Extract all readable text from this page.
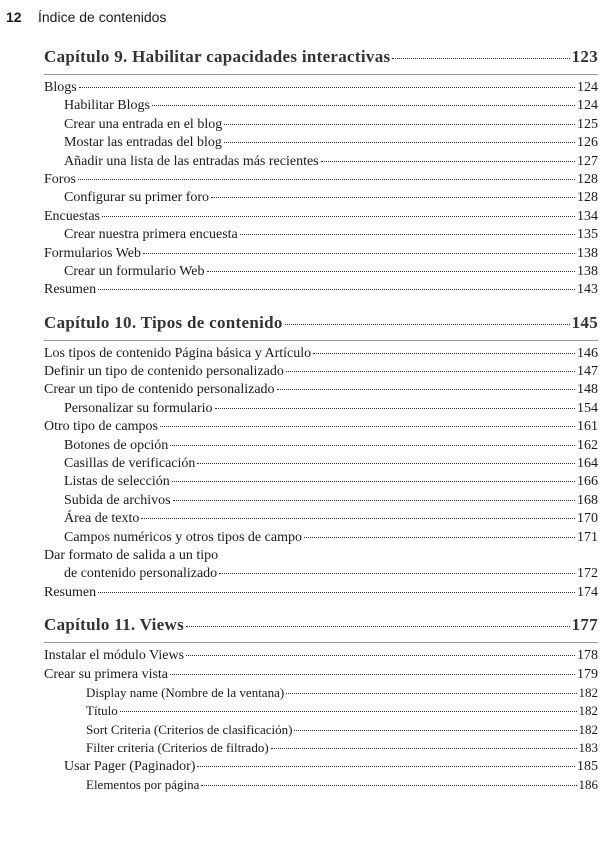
12 Índice de contenidos
Capítulo 9. Habilitar capacidades interactivas	123
Blogs	124
Habilitar Blogs	124
Crear una entrada en el blog	125
Mostar las entradas del blog	126
Añadir una lista de las entradas más recientes	127
Foros	128
Configurar su primer foro	128
Encuestas	134
Crear nuestra primera encuesta	135
Formularios Web	138
Crear un formulario Web	138
Resumen	143
Capítulo 10. Tipos de contenido	145
Los tipos de contenido Página básica y Artículo	146
Definir un tipo de contenido personalizado	147
Crear un tipo de contenido personalizado	148
Personalizar su formulario	154
Otro tipo de campos	161
Botones de opción	162
Casillas de verificación	164
Listas de selección	166
Subida de archivos	168
Área de texto	170
Campos numéricos y otros tipos de campo	171
Dar formato de salida a un tipo
de contenido personalizado	172
Resumen	174
Capítulo 11. Views	177
Instalar el módulo Views	178
Crear su primera vista	179
Display name (Nombre de la ventana)	182
Título	182
Sort Criteria (Criterios de clasificación)	182
Filter criteria (Criterios de filtrado)	183
Usar Pager (Paginador)	185
Elementos por página	186
